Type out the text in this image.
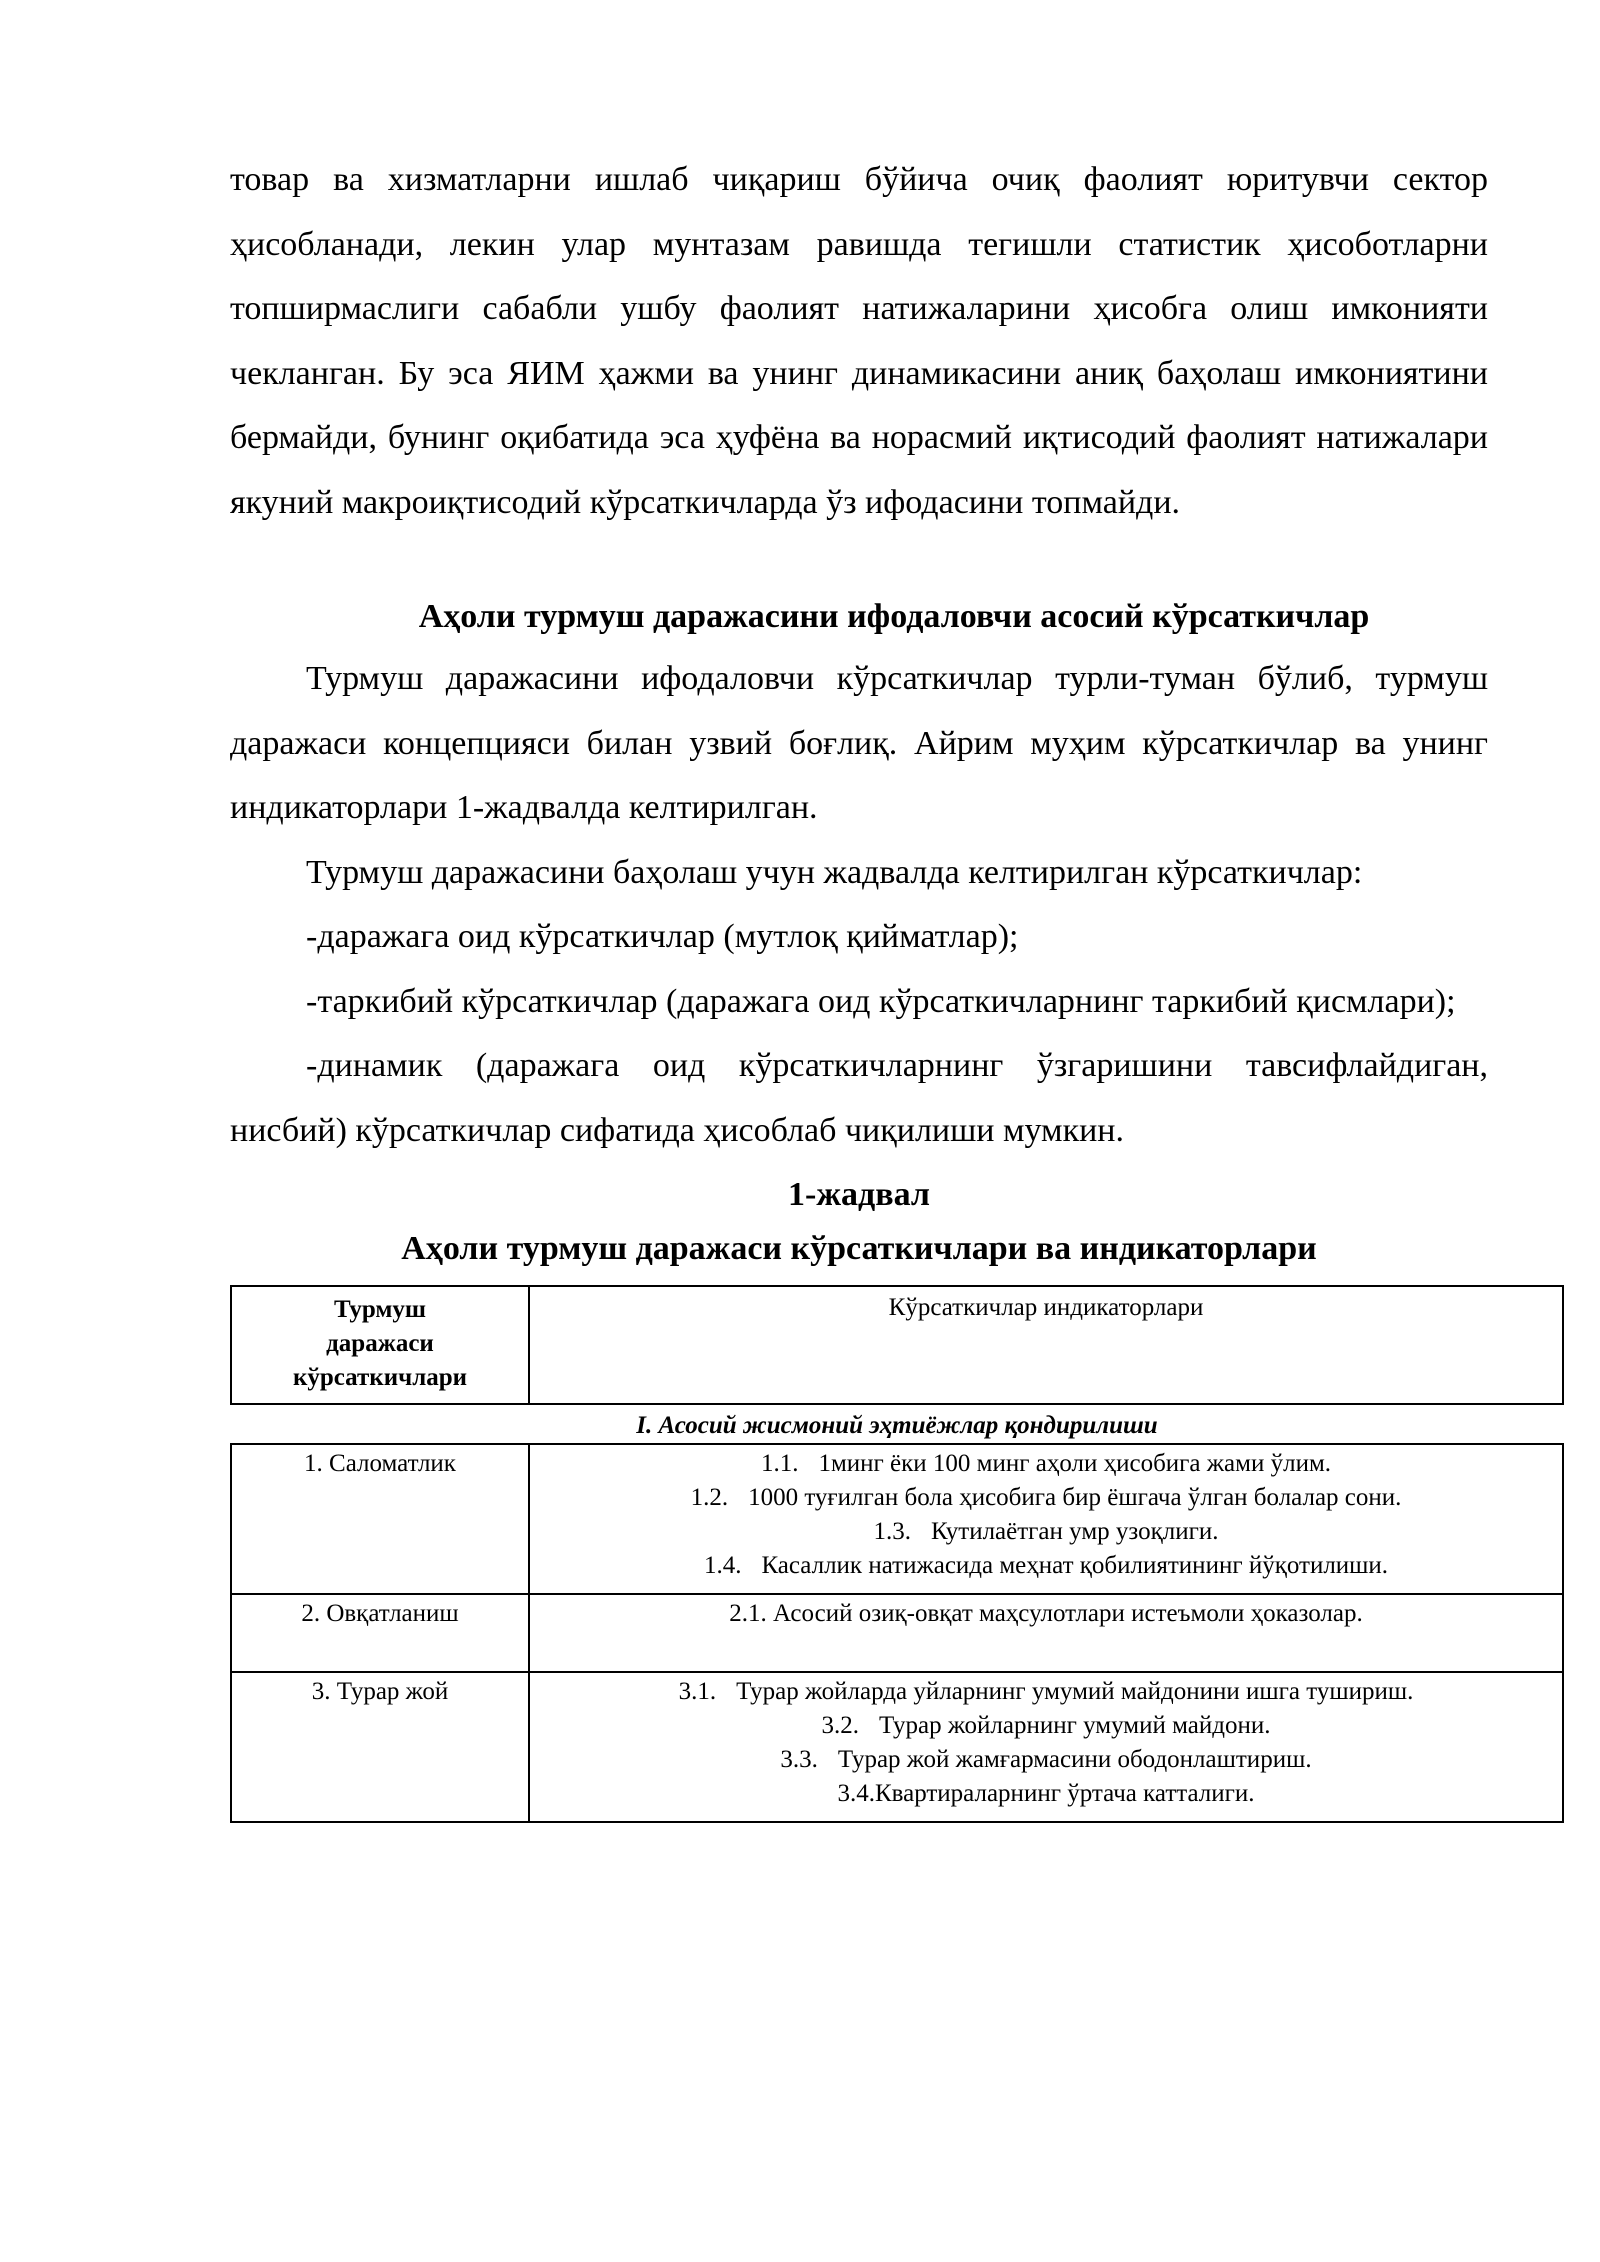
товар ва хизматларни ишлаб чиқариш бўйича очиқ фаолият юритувчи сектор ҳисобланади, лекин улар мунтазам равишда тегишли статистик ҳисоботларни топширмаслиги сабабли ушбу фаолият натижаларини ҳисобга олиш имконияти чекланган. Бу эса ЯИМ ҳажми ва унинг динамикасини аниқ баҳолаш имкониятини бермайди, бунинг оқибатида эса ҳуфёна ва норасмий иқтисодий фаолият натижалари якуний макроиқтисодий кўрсаткичларда ўз ифодасини топмайди.

Аҳоли турмуш даражасини ифодаловчи асосий кўрсаткичлар

Турмуш даражасини ифодаловчи кўрсаткичлар турли-туман бўлиб, турмуш даражаси концепцияси билан узвий боғлиқ. Айрим муҳим кўрсаткичлар ва унинг индикаторлари 1-жадвалда келтирилган.

Турмуш даражасини баҳолаш учун жадвалда келтирилган кўрсаткичлар:

-даражага оид кўрсаткичлар (мутлоқ қийматлар);

-таркибий кўрсаткичлар (даражага оид кўрсаткичларнинг таркибий қисмлари);

-динамик (даражага оид кўрсаткичларнинг ўзгаришини тавсифлайдиган, нисбий) кўрсаткичлар сифатида ҳисоблаб чиқилиши мумкин.

1-жадвал

Аҳоли турмуш даражаси кўрсаткичлари ва индикаторлари

Турмуш
даражаси
кўрсаткичлари	Кўрсаткичлар индикаторлари
I. Асосий жисмоний эҳтиёжлар қондирилиши	
1. Саломатлик	1.1. 1минг ёки 100 минг аҳоли ҳисобига жами ўлим.
1.2. 1000 туғилган бола ҳисобига бир ёшгача ўлган болалар сони.
1.3. Кутилаётган умр узоқлиги.
1.4. Касаллик натижасида меҳнат қобилиятининг йўқотилиши.

2. Овқатланиш	2.1. Асосий озиқ-овқат маҳсулотлари истеъмоли ҳоказолар.

3. Турар жой	3.1. Турар жойларда уйларнинг умумий майдонини ишга тушириш.
3.2. Турар жойларнинг умумий майдони.
3.3. Турар жой жамғармасини ободонлаштириш.
3.4.Квартираларнинг ўртача катталиги.
